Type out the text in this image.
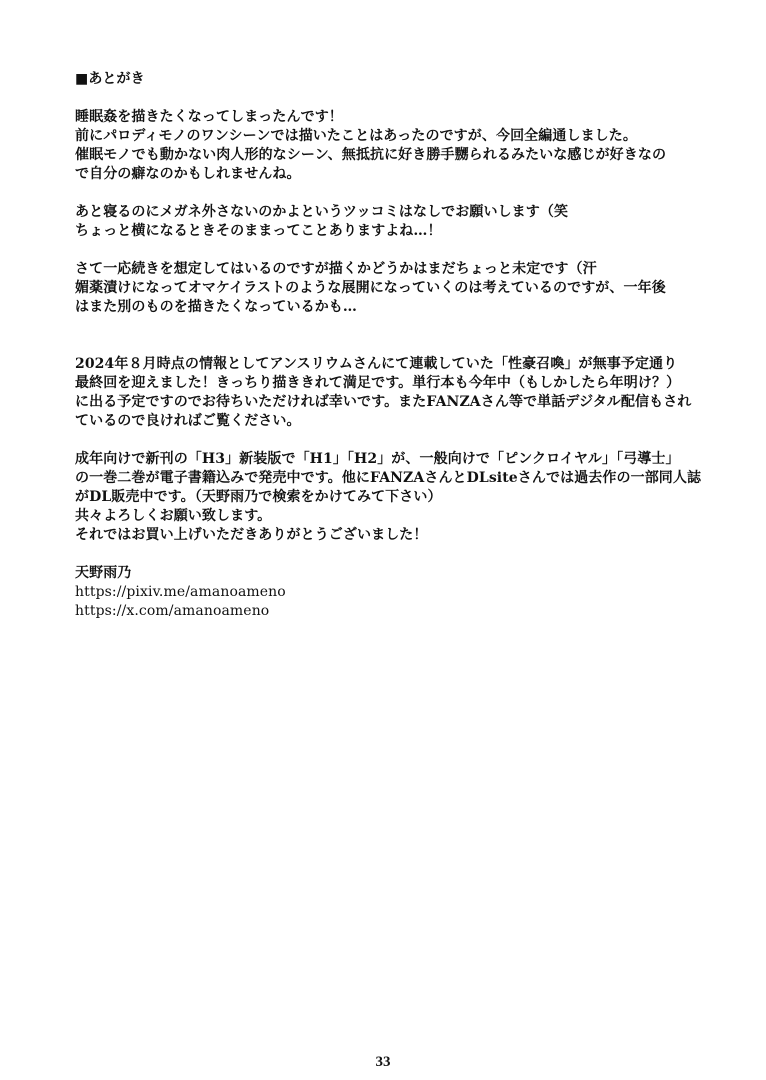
■あとがき
睡眠姦を描きたくなってしまったんです！
前にパロディモノのワンシーンでは描いたことはあったのですが、今回全編通しました。
催眠モノでも動かない肉人形的なシーン、無抵抗に好き勝手嬲られるみたいな感じが好きなの
で自分の癖なのかもしれませんね。
あと寝るのにメガネ外さないのかよというツッコミはなしでお願いします（笑
ちょっと横になるときそのままってことありますよね…！
さて一応続きを想定してはいるのですが描くかどうかはまだちょっと未定です（汗
媚薬漬けになってオマケイラストのような展開になっていくのは考えているのですが、一年後
はまた別のものを描きたくなっているかも…
2024年８月時点の情報としてアンスリウムさんにて連載していた「性豪召喚」が無事予定通り
最終回を迎えました！きっちり描ききれて満足です。単行本も今年中（もしかしたら年明け？）
に出る予定ですのでお待ちいただければ幸いです。またFANZAさん等で単話デジタル配信もされ
ているので良ければご覧ください。
成年向けで新刊の「H3」新装版で「H1」「H2」が、一般向けで「ピンクロイヤル」「弓導士」
の一巻二巻が電子書籍込みで発売中です。他にFANZAさんとDLsiteさんでは過去作の一部同人誌
がDL販売中です。（天野雨乃で検索をかけてみて下さい）
共々よろしくお願い致します。
それではお買い上げいただきありがとうございました！
天野雨乃
https://pixiv.me/amanoameno
https://x.com/amanoameno
33
